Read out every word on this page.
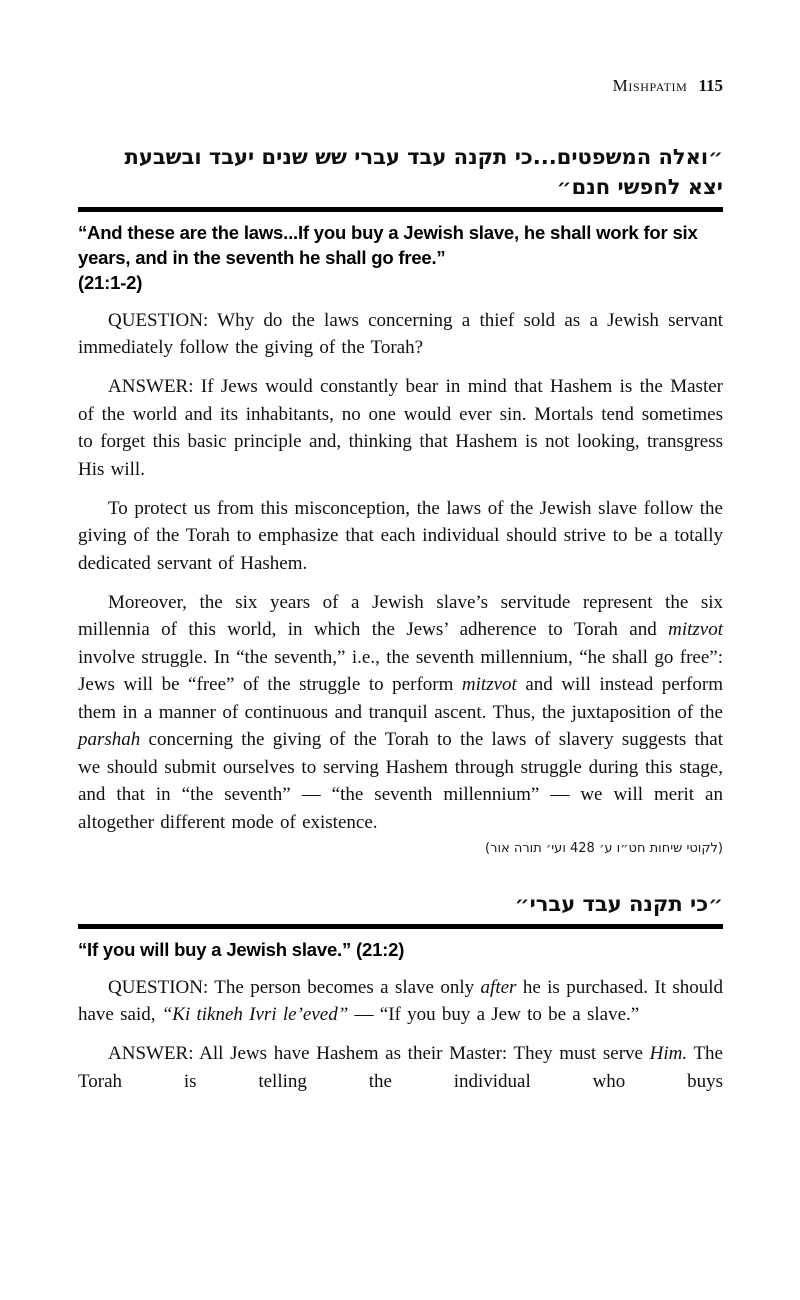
Mishpatim 115
״ואלה המשפטים...כי תקנה עבד עברי שש שנים יעבד ובשבעת
יצא לחפשי חנם״
“And these are the laws...If you buy a Jewish slave, he shall work for six years, and in the seventh he shall go free.”
(21:1-2)

QUESTION: Why do the laws concerning a thief sold as a Jewish servant immediately follow the giving of the Torah?

ANSWER: If Jews would constantly bear in mind that Hashem is the Master of the world and its inhabitants, no one would ever sin. Mortals tend sometimes to forget this basic principle and, thinking that Hashem is not looking, transgress His will.

To protect us from this misconception, the laws of the Jewish slave follow the giving of the Torah to emphasize that each individual should strive to be a totally dedicated servant of Hashem.

Moreover, the six years of a Jewish slave’s servitude represent the six millennia of this world, in which the Jews’ adherence to Torah and mitzvot involve struggle. In “the seventh,” i.e., the seventh millennium, “he shall go free”: Jews will be “free” of the struggle to perform mitzvot and will instead perform them in a manner of continuous and tranquil ascent. Thus, the juxtaposition of the parshah concerning the giving of the Torah to the laws of slavery suggests that we should submit ourselves to serving Hashem through struggle during this stage, and that in “the seventh” — “the seventh millennium” — we will merit an altogether different mode of existence.

(לקוטי שיחות חט״ו ע׳ 428 ועי׳ תורה אור)
״כי תקנה עבד עברי״
“If you will buy a Jewish slave.” (21:2)

QUESTION: The person becomes a slave only after he is purchased. It should have said, “Ki tikneh Ivri le’eved” — “If you buy a Jew to be a slave.”

ANSWER: All Jews have Hashem as their Master: They must serve Him. The Torah is telling the individual who buys
